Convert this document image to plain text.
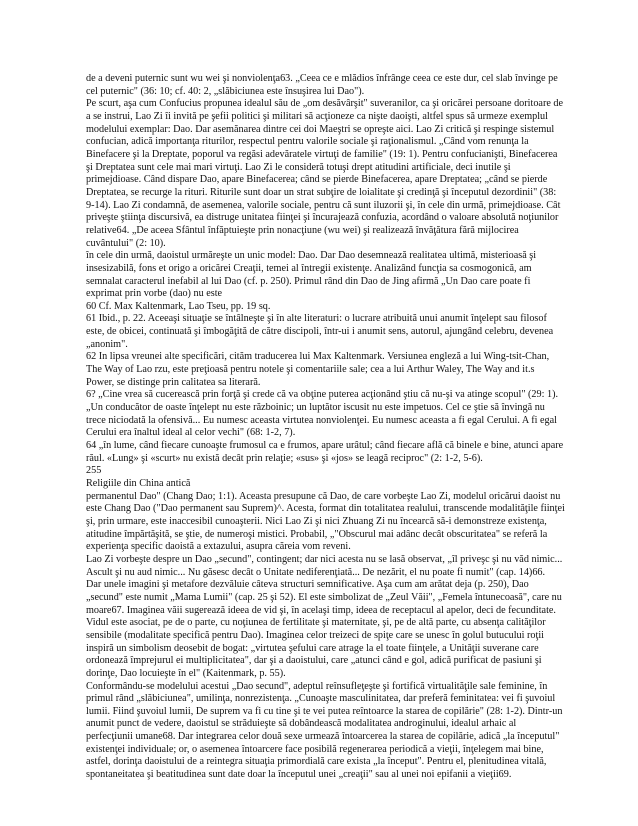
de a deveni puternic sunt wu wei şi nonviolenţa63. „Ceea ce e mlădios înfrânge ceea ce este dur, cel slab învinge pe
cel puternic" (36: 10; cf. 40: 2, „slăbiciunea este însuşirea lui Dao").
Pe scurt, aşa cum Confucius propunea idealul său de „om desăvârşit" suveranilor, ca şi oricărei persoane doritoare de
a se instrui, Lao Zi îi invită pe şefii politici şi militari să acţioneze ca nişte daoişti, altfel spus să urmeze exemplul
modelului exemplar: Dao. Dar asemănarea dintre cei doi Maeştri se opreşte aici. Lao Zi critică şi respinge sistemul
confucian, adică importanţa riturilor, respectul pentru valorile sociale şi raţionalismul. „Când vom renunţa la
Binefacere şi la Dreptate, poporul va regăsi adevăratele virtuţi de familie" (19: 1). Pentru confucianişti, Binefacerea
şi Dreptatea sunt cele mai mari virtuţi. Lao Zi le consideră totuşi drept atitudini artificiale, deci inutile şi
primejdioase. Când dispare Dao, apare Binefacerea; când se pierde Binefacerea, apare Dreptatea; „când se pierde
Dreptatea, se recurge la rituri. Riturile sunt doar un strat subţire de loialitate şi credinţă şi începutul dezordinii" (38:
9-14). Lao Zi condamnă, de asemenea, valorile sociale, pentru că sunt iluzorii şi, în cele din urmă, primejdioase. Cât
priveşte ştiinţa discursivă, ea distruge unitatea fiinţei şi încurajează confuzia, acordând o valoare absolută noţiunilor
relative64. „De aceea Sfântul înfăptuieşte prin nonacţiune (wu wei) şi realizează învăţătura fără mijlocirea
cuvântului" (2: 10).
în cele din urmă, daoistul urmăreşte un unic model: Dao. Dar Dao desemnează realitatea ultimă, misterioasă şi
insesizabilă, fons et origo a oricărei Creaţii, temei al întregii existenţe. Analizând funcţia sa cosmogonică, am
semnalat caracterul inefabil al lui Dao (cf. p. 250). Primul rând din Dao de Jing afirmă „Un Dao care poate fi
exprimat prin vorbe (dao) nu este
60 Cf. Max Kaltenmark, Lao Tseu, pp. 19 sq.
61 Ibid., p. 22. Aceeaşi situaţie se întâlneşte şi în alte literaturi: o lucrare atribuită unui anumit înţelept sau filosof
este, de obicei, continuată şi îmbogăţită de către discipoli, într-ui i anumit sens, autorul, ajungând celebru, devenea
„anonim".
62 In lipsa vreunei alte specificări, cităm traducerea lui Max Kaltenmark. Versiunea engleză a lui Wing-tsit-Chan,
The Way of Lao rzu, este preţioasă pentru notele şi comentariile sale; cea a lui Arthur Waley, The Way and it.s
Power, se distinge prin calitatea sa literară.
6? „Cine vrea să cucerească prin forţă şi crede că va obţine puterea acţionând ştiu că nu-şi va atinge scopul" (29: 1).
„Un conducător de oaste înţelept nu este războinic; un luptător iscusit nu este impetuos. Cel ce ştie să învingă nu
trece niciodată la ofensivă... Eu numesc aceasta virtutea nonviolenţei. Eu numesc aceasta a fi egal Cerului. A fi egal
Cerului era înaltul ideal al celor vechi" (68: 1-2, 7).
64 „în lume, când fiecare cunoaşte frumosul ca e frumos, apare urâtul; când fiecare află că binele e bine, atunci apare
răul. «Lung» şi «scurt» nu există decât prin relaţie; «sus» şi «jos» se leagă reciproc" (2: 1-2, 5-6).
255
Religiile din China antică
permanentul Dao" (Chang Dao; 1:1). Aceasta presupune că Dao, de care vorbeşte Lao Zi, modelul oricărui daoist nu
este Chang Dao ("Dao permanent sau Suprem)^. Acesta, format din totalitatea realului, transcende modalităţile fiinţei
şi, prin urmare, este inaccesibil cunoaşterii. Nici Lao Zi şi nici Zhuang Zi nu încearcă să-i demonstreze existenţa,
atitudine împărtăşită, se ştie, de numeroşi mistici. Probabil, „"Obscurul mai adânc decât obscuritatea" se referă la
experienţa specific daoistă a extazului, asupra căreia vom reveni.
Lao Zi vorbeşte despre un Dao „secund", contingent; dar nici acesta nu se lasă observat, „îl priveşc şi nu văd nimic...
Ascult şi nu aud nimic... Nu găsesc decât o Unitate nediferenţiată... De nezărit, el nu poate fi numit" (cap. 14)66.
Dar unele imagini şi metafore dezvăluie câteva structuri semnificative. Aşa cum am arătat deja (p. 250), Dao
„secund" este numit „Mama Lumii" (cap. 25 şi 52). El este simbolizat de „Zeul Văii", „Femela întunecoasă", care nu
moare67. Imaginea văii sugerează ideea de vid şi, în acelaşi timp, ideea de receptacul al apelor, deci de fecunditate.
Vidul este asociat, pe de o parte, cu noţiunea de fertilitate şi maternitate, şi, pe de altă parte, cu absenţa calităţilor
sensibile (modalitate specifică pentru Dao). Imaginea celor treizeci de spiţe care se unesc în golul butucului roţii
inspiră un simbolism deosebit de bogat: „virtutea şefului care atrage la el toate fiinţele, a Unităţii suverane care
ordonează împrejurul ei multiplicitatea", dar şi a daoistului, care „atunci când e gol, adică purificat de pasiuni şi
dorinţe, Dao locuieşte în el" (Kaitenmark, p. 55).
Conformându-se modelului acestui „Dao secund", adeptul reînsufleţeşte şi fortifică virtualităţile sale feminine, în
primul rând „slăbiciunea", umilinţa, nonrezistenţa. „Cunoaşte masculinitatea, dar preferă feminitatea: vei fi şuvoiul
lumii. Fiind şuvoiul lumii, De suprem va fi cu tine şi te vei putea reîntoarce la starea de copilărie" (28: 1-2). Dintr-un
anumit punct de vedere, daoistul se străduieşte să dobândească modalitatea androginului, idealul arhaic al
perfecţiunii umane68. Dar integrarea celor două sexe urmează întoarcerea la starea de copilărie, adică „la începutul"
existenţei individuale; or, o asemenea întoarcere face posibilă regenerarea periodică a vieţii, înţelegem mai bine,
astfel, dorinţa daoistului de a reintegra situaţia primordială care exista „la început". Pentru el, plenitudinea vitală,
spontaneitatea şi beatitudinea sunt date doar la începutul unei „creaţii" sau al unei noi epifanii a vieţii69.
